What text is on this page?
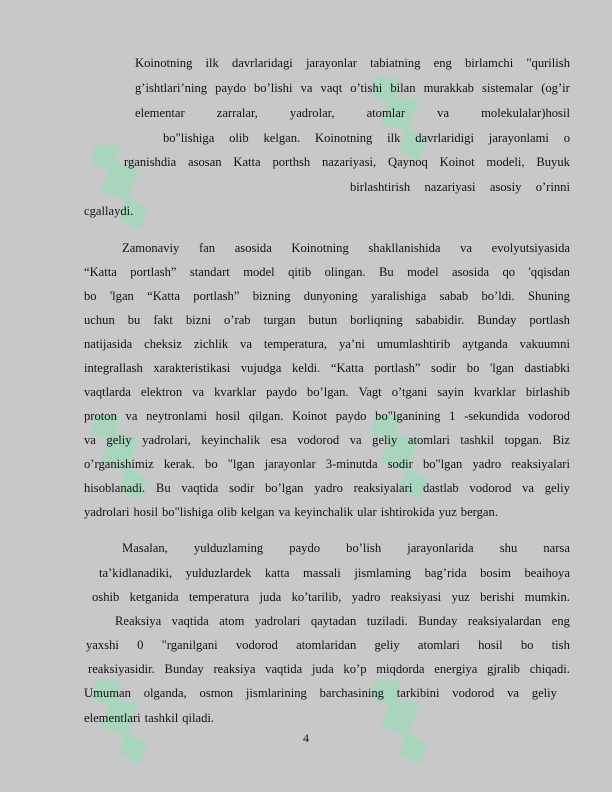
Koinotning ilk davrlaridagi jarayonlar tabiatning eng birlamchi "qurilish
g’ishtlari’ning paydo bo’lishi va vaqt o’tishi bilan murakkab sistemalar (og’ir
elementar	zarralar,	yadrolar,	atomlar	va	molekulalar)hosil
bo"lishiga olib kelgan. Koinotning ilk davrlaridigi jarayonlami o
rganishdia asosan Katta porthsh nazariyasi, Qaynoq Koinot modeli, Buyuk
birlashtirish nazariyasi asosiy o’rinni
cgallaydi.
Zamonaviy fan asosida Koinotning shakllanishida va evolyutsiyasida
“Katta portlash” standart model qitib olingan. Bu model asosida qo 'qqisdan
bo 'lgan “Katta portlash” bizning dunyoning yaralishiga sabab bo’ldi. Shuning
uchun bu fakt bizni o’rab turgan butun borliqning sababidir. Bunday portlash
natijasida cheksiz zichlik va temperatura, ya’ni umumlashtirib aytganda vakuumni
integrallash xarakteristikasi vujudga keldi. “Katta portlash” sodir bo 'lgan dastiabki
vaqtlarda elektron va kvarklar paydo bo’lgan. Vagt o’tgani sayin kvarklar birlashib
proton va neytronlami hosil qilgan. Koinot paydo bo"lganining 1 -sekundida vodorod
va geliy yadrolari, keyinchalik esa vodorod va geliy atomlari tashkil topgan. Biz
o’rganishimiz kerak. bo "lgan jarayonlar 3-minutda sodir bo"lgan yadro reaksiyalari
hisoblanadi. Bu vaqtida sodir bo’lgan yadro reaksiyalari dastlab vodorod va geliy
yadrolari hosil bo"lishiga olib kelgan va keyinchalik ular ishtirokida yuz bergan.
Masalan, yulduzlaming paydo bo’lish jarayonlarida shu narsa
ta’kidlanadiki, yulduzlardek katta massali jismlaming bag’rida bosim beaihoya
oshib ketganida temperatura juda ko’tarilib, yadro reaksiyasi yuz berishi mumkin.
Reaksiya vaqtida atom yadrolari qaytadan tuziladi. Bunday reaksiyalardan eng
yaxshi 0 "rganilgani vodorod atomlaridan geliy atomlari hosil bo tish
reaksiyasidir. Bunday reaksiya vaqtida juda ko’p miqdorda energiya gjralib chiqadi.
Umuman olganda, osmon jismlarining barchasining tarkibini vodorod va geliy
elementlari tashkil qiladi.
4
